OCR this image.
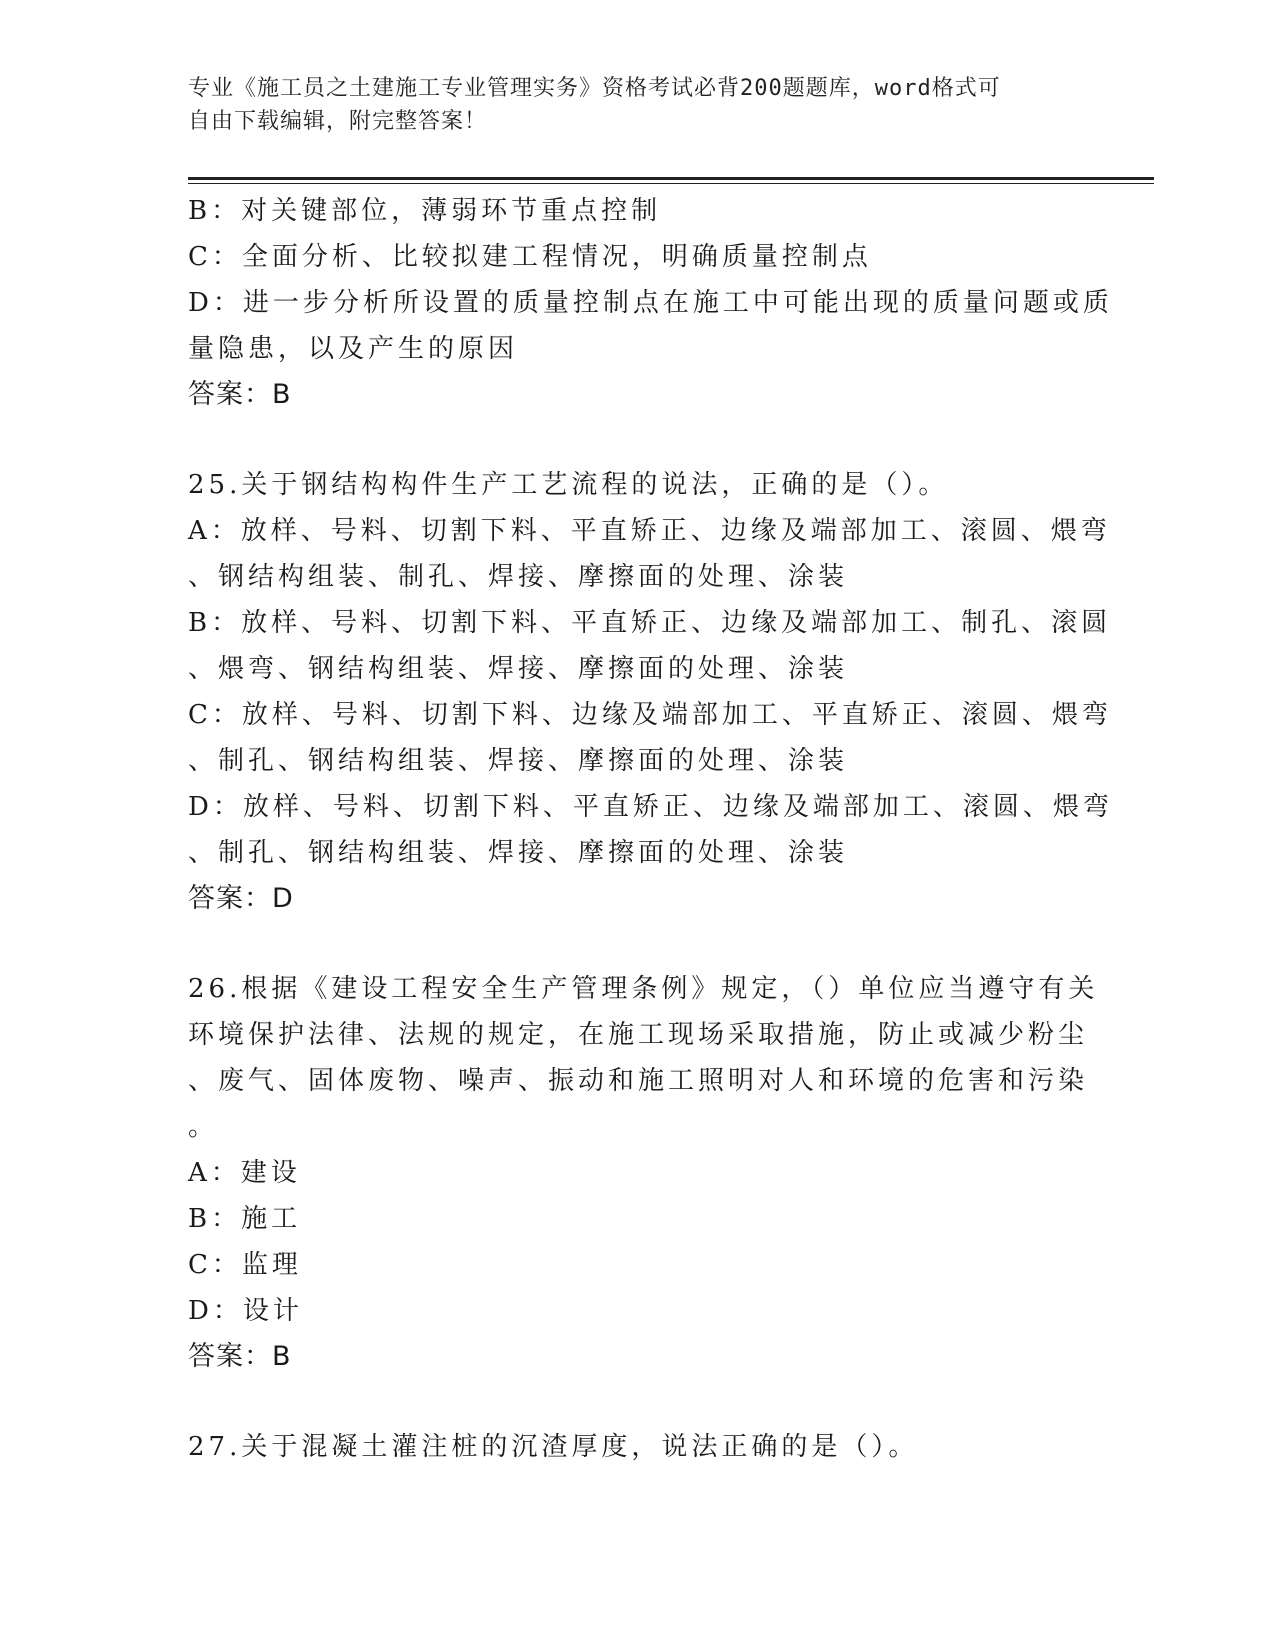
专业《施工员之土建施工专业管理实务》资格考试必背200题题库，word格式可
自由下载编辑，附完整答案！
B：对关键部位，薄弱环节重点控制
C：全面分析、比较拟建工程情况，明确质量控制点
D：进一步分析所设置的质量控制点在施工中可能出现的质量问题或质
量隐患，以及产生的原因
答案：B
25.关于钢结构构件生产工艺流程的说法，正确的是（）。
A：放样、号料、切割下料、平直矫正、边缘及端部加工、滚圆、煨弯
、钢结构组装、制孔、焊接、摩擦面的处理、涂装
B：放样、号料、切割下料、平直矫正、边缘及端部加工、制孔、滚圆
、煨弯、钢结构组装、焊接、摩擦面的处理、涂装
C：放样、号料、切割下料、边缘及端部加工、平直矫正、滚圆、煨弯
、制孔、钢结构组装、焊接、摩擦面的处理、涂装
D：放样、号料、切割下料、平直矫正、边缘及端部加工、滚圆、煨弯
、制孔、钢结构组装、焊接、摩擦面的处理、涂装
答案：D
26.根据《建设工程安全生产管理条例》规定，（）单位应当遵守有关
环境保护法律、法规的规定，在施工现场采取措施，防止或减少粉尘
、废气、固体废物、噪声、振动和施工照明对人和环境的危害和污染
。
A：建设
B：施工
C：监理
D：设计
答案：B
27.关于混凝土灌注桩的沉渣厚度，说法正确的是（）。
